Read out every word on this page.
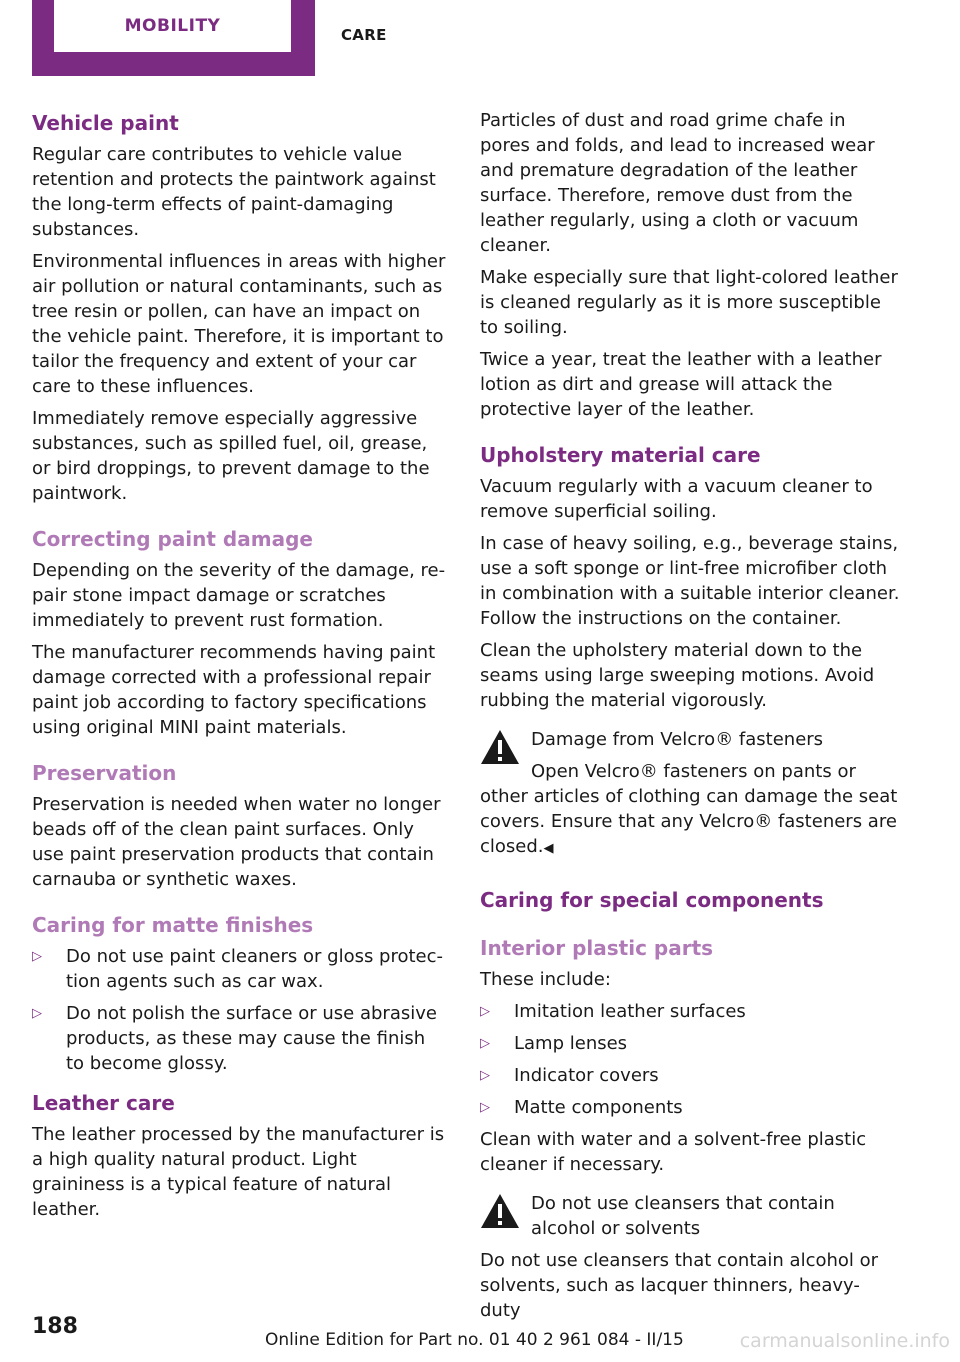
MOBILITY	CARE
Vehicle paint

Regular care contributes to vehicle value retention and protects the paintwork against the long-term effects of paint-damaging substances.

Environmental influences in areas with higher air pollution or natural contaminants, such as tree resin or pollen, can have an impact on the vehicle paint. Therefore, it is important to tailor the frequency and extent of your car care to these influences.

Immediately remove especially aggressive substances, such as spilled fuel, oil, grease, or bird droppings, to prevent damage to the paintwork.

Correcting paint damage

Depending on the severity of the damage, repair stone impact damage or scratches immediately to prevent rust formation.

The manufacturer recommends having paint damage corrected with a professional repair paint job according to factory specifications using original MINI paint materials.

Preservation

Preservation is needed when water no longer beads off of the clean paint surfaces. Only use paint preservation products that contain carnauba or synthetic waxes.

Caring for matte finishes
▷ Do not use paint cleaners or gloss protection agents such as car wax.
▷ Do not polish the surface or use abrasive products, as these may cause the finish to become glossy.
Leather care

The leather processed by the manufacturer is a high quality natural product. Light graininess is a typical feature of natural leather.

Particles of dust and road grime chafe in pores and folds, and lead to increased wear and premature degradation of the leather surface. Therefore, remove dust from the leather regularly, using a cloth or vacuum cleaner.

Make especially sure that light-colored leather is cleaned regularly as it is more susceptible to soiling.

Twice a year, treat the leather with a leather lotion as dirt and grease will attack the protective layer of the leather.

Upholstery material care

Vacuum regularly with a vacuum cleaner to remove superficial soiling.

In case of heavy soiling, e.g., beverage stains, use a soft sponge or lint-free microfiber cloth in combination with a suitable interior cleaner. Follow the instructions on the container.

Clean the upholstery material down to the seams using large sweeping motions. Avoid rubbing the material vigorously.

Damage from Velcro® fasteners

Open Velcro® fasteners on pants or other articles of clothing can damage the seat covers. Ensure that any Velcro® fasteners are closed.◀

Caring for special components
Interior plastic parts

These include:

▷ Imitation leather surfaces
▷ Lamp lenses
▷ Indicator covers
▷ Matte components

Clean with water and a solvent-free plastic cleaner if necessary.

Do not use cleansers that contain alcohol or solvents

Do not use cleansers that contain alcohol or solvents, such as lacquer thinners, heavy-duty

188
Online Edition for Part no. 01 40 2 961 084 - II/15	carmanualsonline.info
